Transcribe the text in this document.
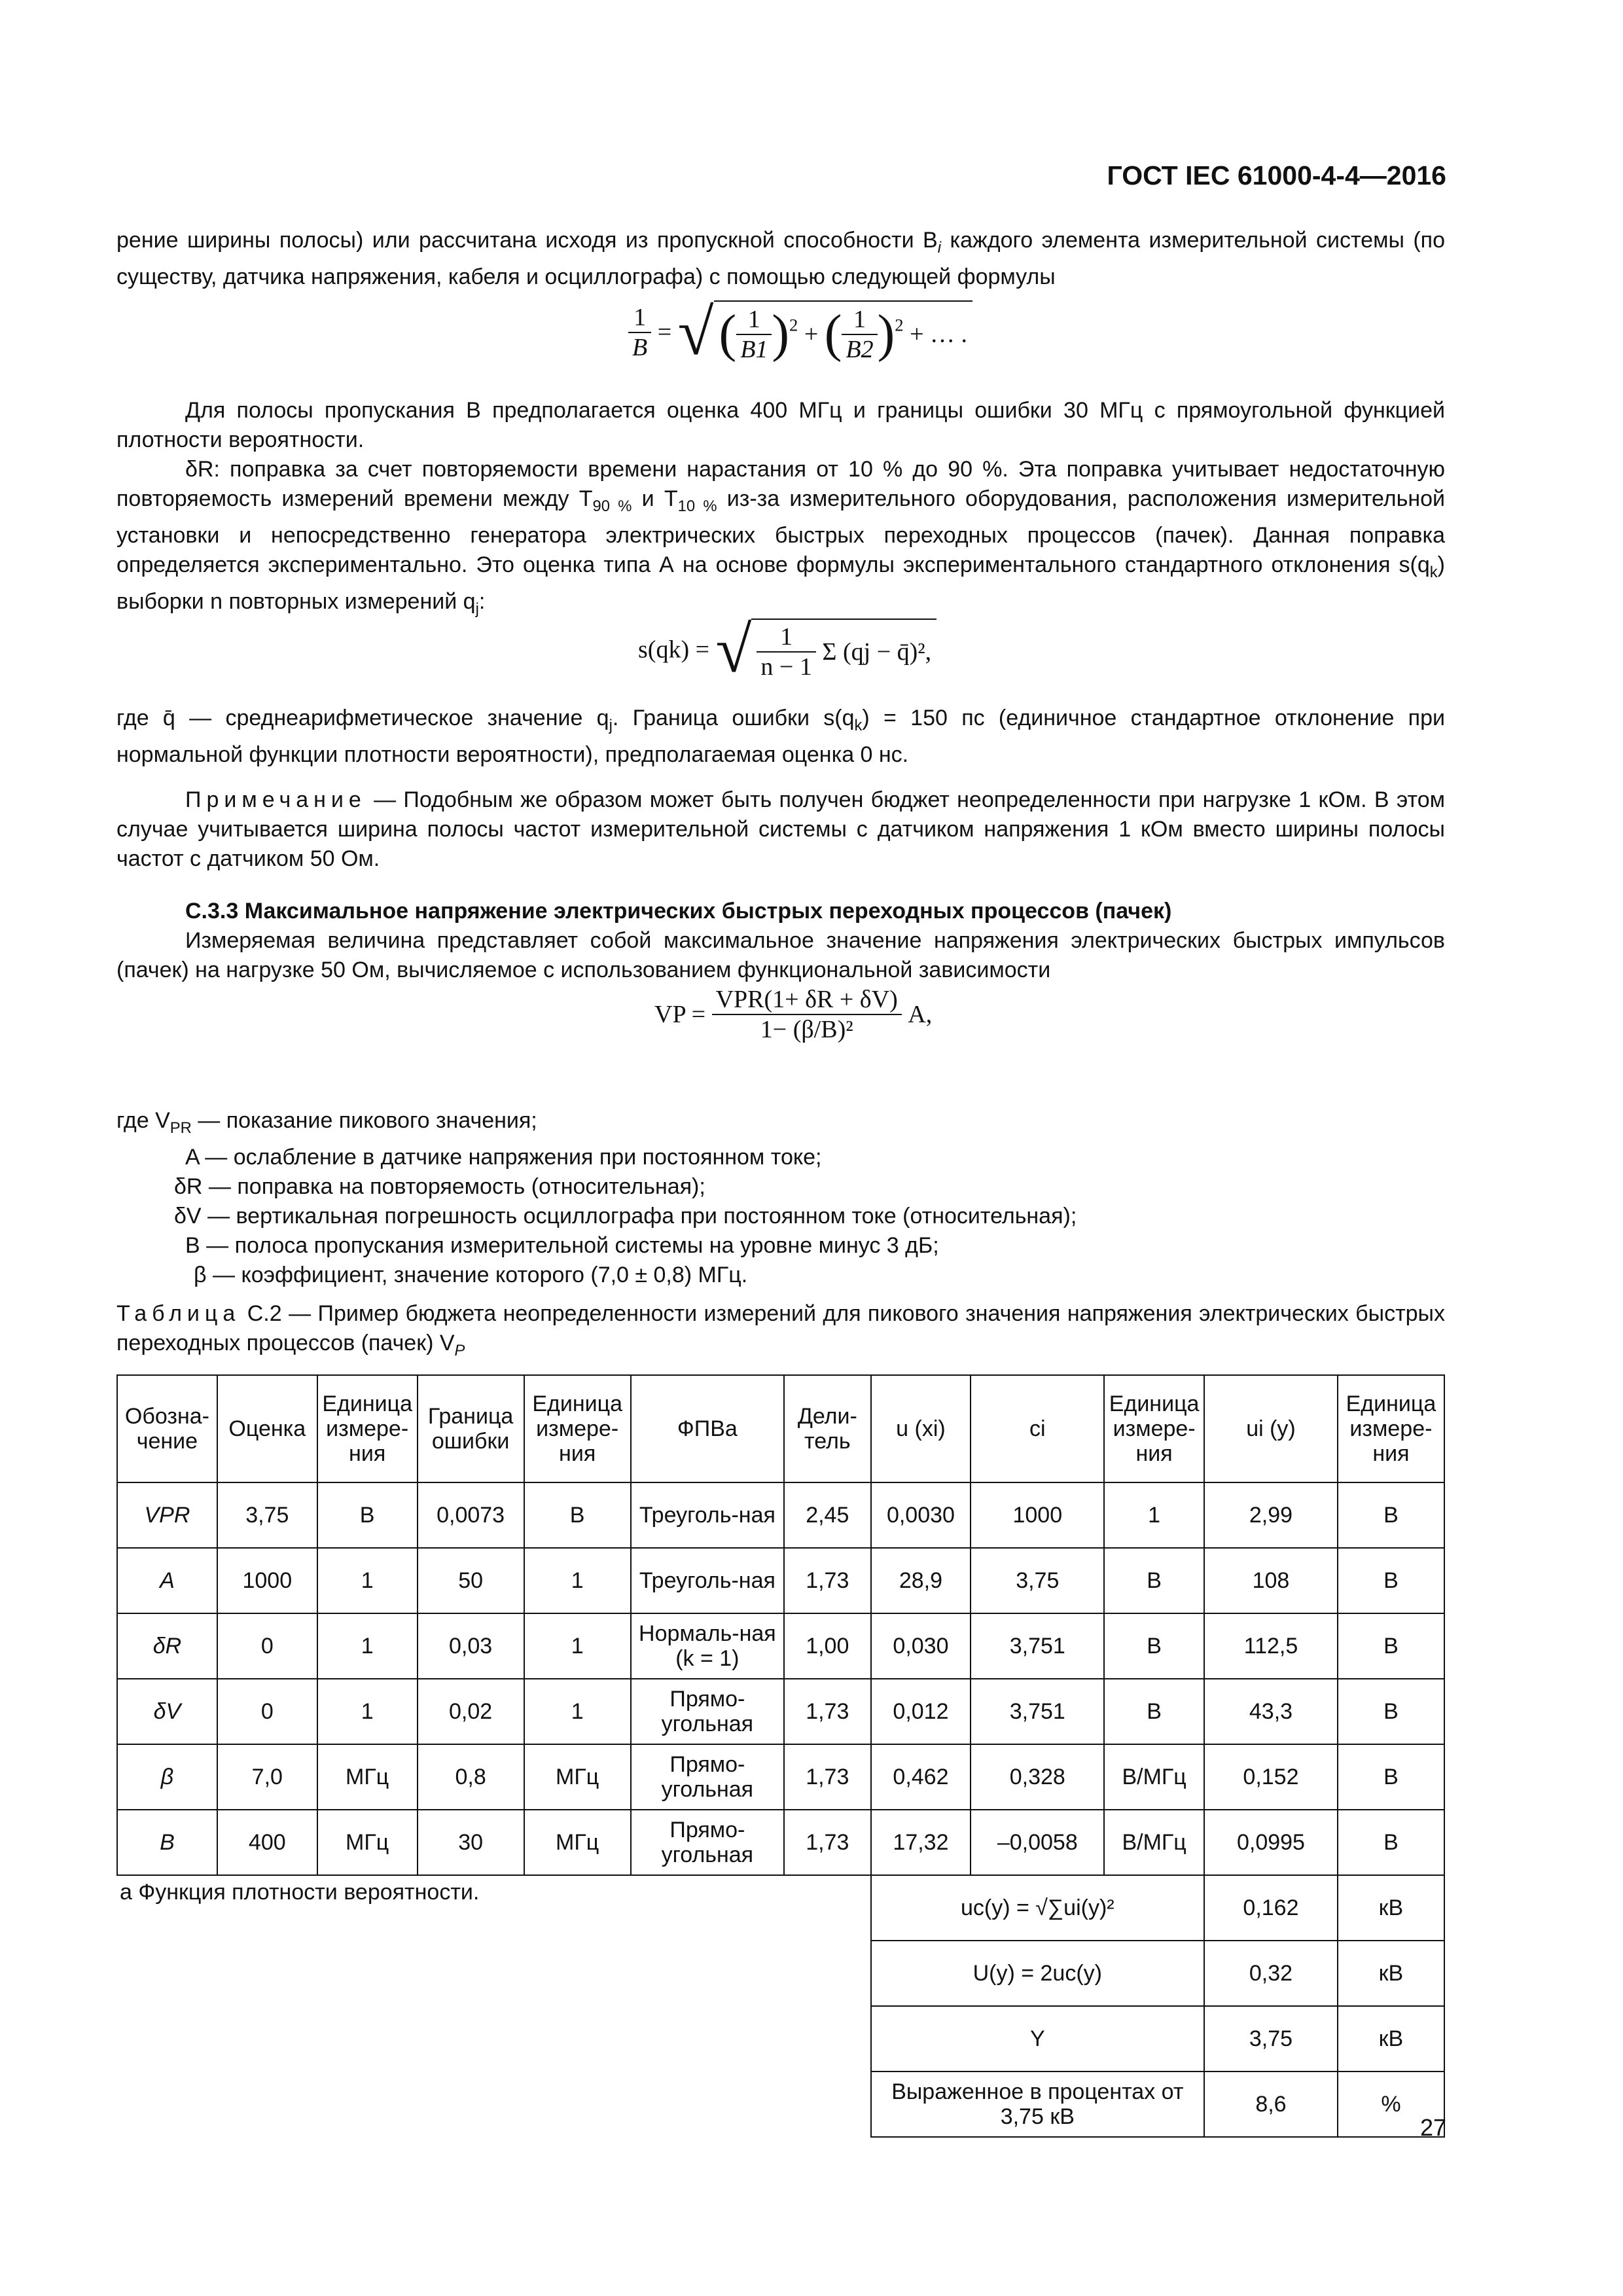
ГОСТ IEC 61000-4-4—2016

рение ширины полосы) или рассчитана исходя из пропускной способности $B_i$ каждого элемента измерительной системы (по существу, датчика напряжения, кабеля и осциллографа) с помощью следующей формулы

$\frac{1}{B}$ = √ ( $\frac{1}{B1} )^2$ + ( $\frac{1}{B2} )^2$ + … .

Для полосы пропускания B предполагается оценка 400 МГц и границы ошибки 30 МГц с прямоугольной функцией плотности вероятности.

δR: поправка за счет повторяемости времени нарастания от 10 % до 90 %. Эта поправка учитывает недостаточную повторяемость измерений времени между $T_{90 \%}$ и $T_{10 \%}$ из-за измерительного оборудования, расположения измерительной установки и непосредственно генератора электрических быстрых переходных процессов (пачек). Данная поправка определяется экспериментально. Это оценка типа А на основе формулы экспериментального стандартного отклонения $s(q_k)$ выборки n повторных измерений $q_j$:

s(qk) = √ $\frac{1}{n - 1}$ Σ (qj − q̄)²,

где q̄ — среднеарифметическое значение $q_j$. Граница ошибки $s(q_k) = 150$ пс (единичное стандартное отклонение при нормальной функции плотности вероятности), предполагаемая оценка 0 нс.

Примечание — Подобным же образом может быть получен бюджет неопределенности при нагрузке 1 кОм. В этом случае учитывается ширина полосы частот измерительной системы с датчиком напряжения 1 кОм вместо ширины полосы частот с датчиком 50 Ом.

C.3.3 Максимальное напряжение электрических быстрых переходных процессов (пачек)

Измеряемая величина представляет собой максимальное значение напряжения электрических быстрых импульсов (пачек) на нагрузке 50 Ом, вычисляемое с использованием функциональной зависимости

VP = $\frac{\text{VPR(1+ δR + δV)}}{\text{1− (β/B)²}} A$,

где $V_{PR}$ — показание пикового значения;

A — ослабление в датчике напряжения при постоянном токе;

δR — поправка на повторяемость (относительная);

δV — вертикальная погрешность осциллографа при постоянном токе (относительная);

B — полоса пропускания измерительной системы на уровне минус 3 дБ;

β — коэффициент, значение которого (7,0 ± 0,8) МГц.

Таблица С.2 — Пример бюджета неопределенности измерений для пикового значения напряжения электрических быстрых переходных процессов (пачек) $V_P$

Обозна-чение	Оценка	Единица измере-ния	Граница ошибки	Единица измере-ния	ФПВa	Дели-тель	u (xi)	ci	Единица измере-ния	ui (y)	Единица измере-ния
VPR	3,75	В	0,0073	В	Треуголь-ная	2,45	0,0030	1000	1	2,99	В
A	1000	1	50	1	Треуголь-ная	1,73	28,9	3,75	В	108	В
δR	0	1	0,03	1	Нормаль-ная (k = 1)	1,00	0,030	3,751	В	112,5	В
δV	0	1	0,02	1	Прямо-угольная	1,73	0,012	3,751	В	43,3	В
β	7,0	МГц	0,8	МГц	Прямо-угольная	1,73	0,462	0,328	В/МГц	0,152	В
B	400	МГц	30	МГц	Прямо-угольная	1,73	17,32	–0,0058	В/МГц	0,0995	В
a Функция плотности вероятности.							uc(y) = √∑ui(y)²			0,162	кВ
							U(y) = 2uc(y)			0,32	кВ
							Y			3,75	кВ
							Выраженное в процентах от 3,75 кВ			8,6	%
27
